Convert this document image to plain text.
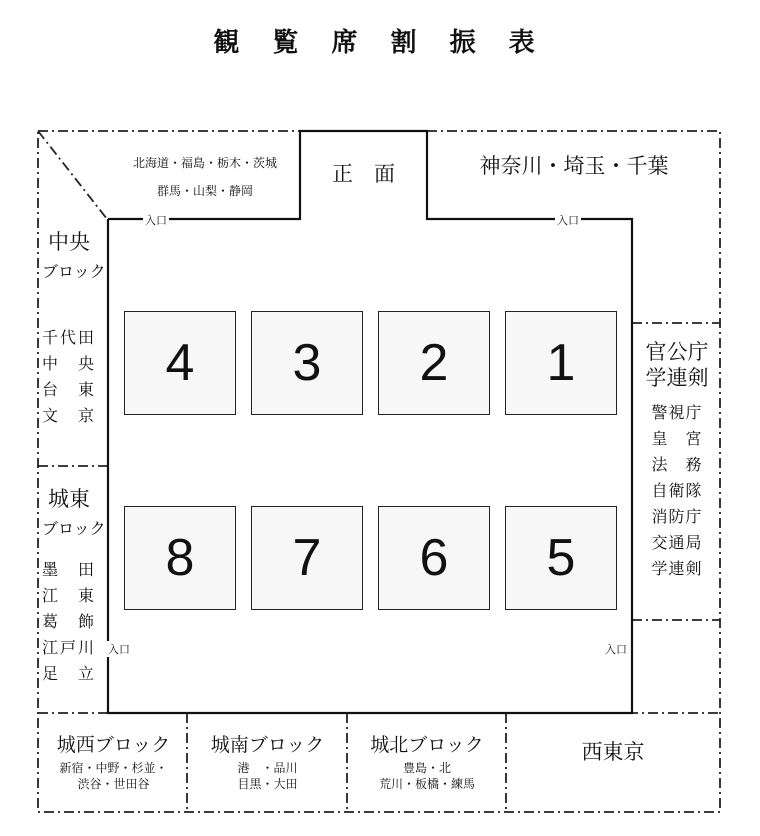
観 覧 席 割 振 表
北海道・福島・栃木・茨城
群馬・山梨・静岡
正　面	神奈川・埼玉・千葉
入口	入口
入口	入口
中央
ブロック
千代田
中　央
台　東
文　京
城東
ブロック
墨　田
江　東
葛　飾
江戸川
足　立
官公庁
学連剣
警視庁
皇　宮
法　務
自衛隊
消防庁
交通局
学連剣
4	3	2	1
8	7	6	5
城西ブロック
新宿・中野・杉並・
渋谷・世田谷
城南ブロック
港　・品川
目黒・大田
城北ブロック
豊島・北
荒川・板橋・練馬
西東京
